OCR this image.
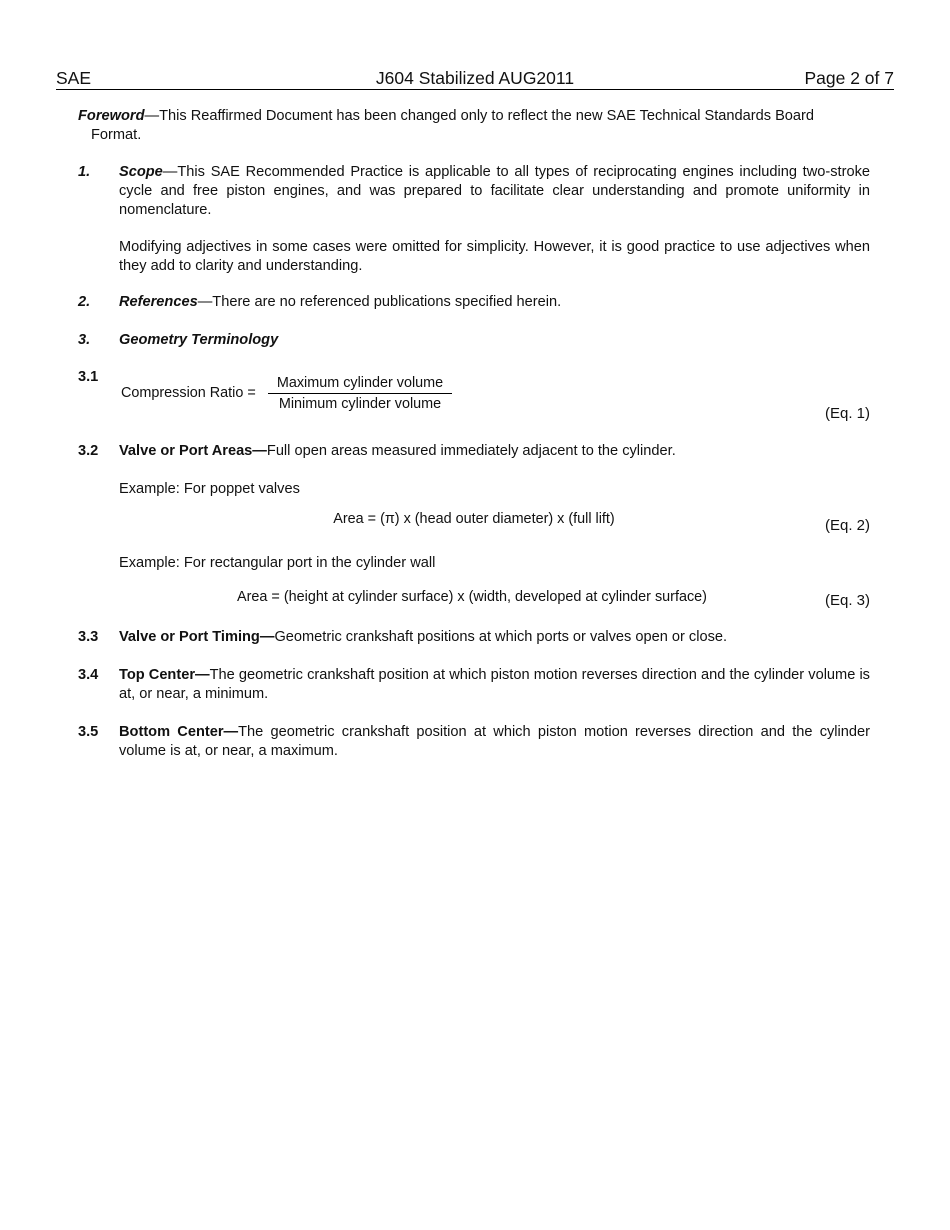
SAE	J604 Stabilized AUG2011	Page 2 of 7
Foreword—This Reaffirmed Document has been changed only to reflect the new SAE Technical Standards Board
Format.
1. Scope—This SAE Recommended Practice is applicable to all types of reciprocating engines including two-stroke cycle and free piston engines, and was prepared to facilitate clear understanding and promote uniformity in nomenclature.
Modifying adjectives in some cases were omitted for simplicity. However, it is good practice to use adjectives when they add to clarity and understanding.
2. References—There are no referenced publications specified herein.
3. Geometry Terminology
3.1
Compression Ratio =
Maximum cylinder volume
Minimum cylinder volume
(Eq. 1)
3.2 Valve or Port Areas—Full open areas measured immediately adjacent to the cylinder.
Example: For poppet valves
Area = (π) x (head outer diameter) x (full lift)	(Eq. 2)
Example: For rectangular port in the cylinder wall
Area = (height at cylinder surface) x (width, developed at cylinder surface)	(Eq. 3)
3.3 Valve or Port Timing—Geometric crankshaft positions at which ports or valves open or close.
3.4 Top Center—The geometric crankshaft position at which piston motion reverses direction and the cylinder volume is at, or near, a minimum.
3.5 Bottom Center—The geometric crankshaft position at which piston motion reverses direction and the cylinder volume is at, or near, a maximum.
